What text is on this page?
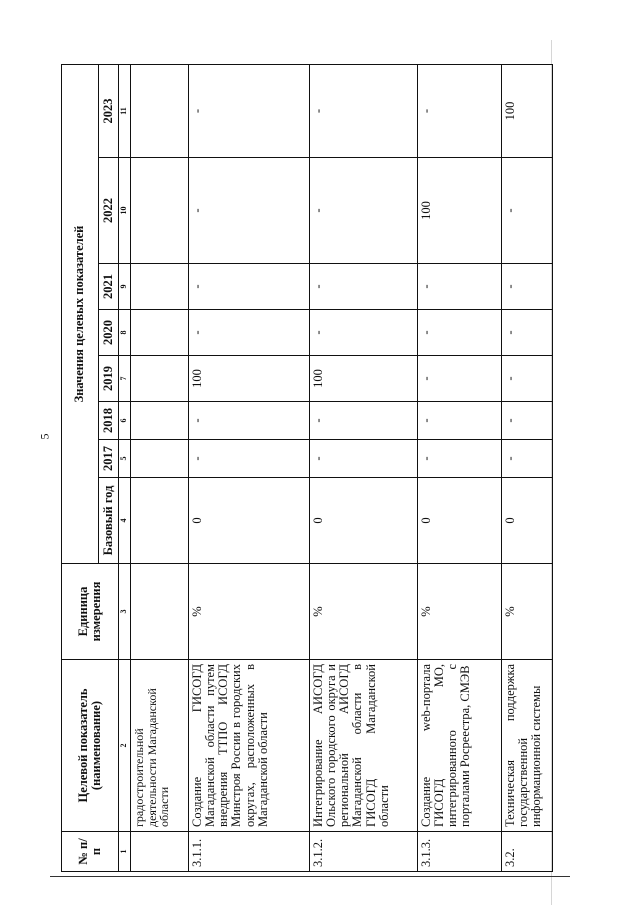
5
№ п/п	Целевой показатель (наименование)	Единица измерения	Значения целевых показателей							
			Базовый год	2017	2018	2019	2020	2021	2022	2023
1	2	3	4	5	6	7	8	9	10	11
	градостроительной деятельности Магаданской области									
3.1.1.	Создание ГИСОГД Магаданской области путем внедрения ТТПО ИСОГД Минстроя России в городских округах, расположенных в Магаданской области	%	0	-	-	100	-	-	-	-
3.1.2.	Интегрирование АИСОГД Ольского городского округа и региональной АИСОГД Магаданской области в ГИСОГД Магаданской области	%	0	-	-	100	-	-	-	-
3.1.3.	Создание web-портала ГИСОГД МО, интегрированного с порталами Росреестра, СМЭВ	%	0	-	-	-	-	-	100	-
3.2.	Техническая поддержка государственной информационной системы	%	0	-	-	-	-	-	-	100
